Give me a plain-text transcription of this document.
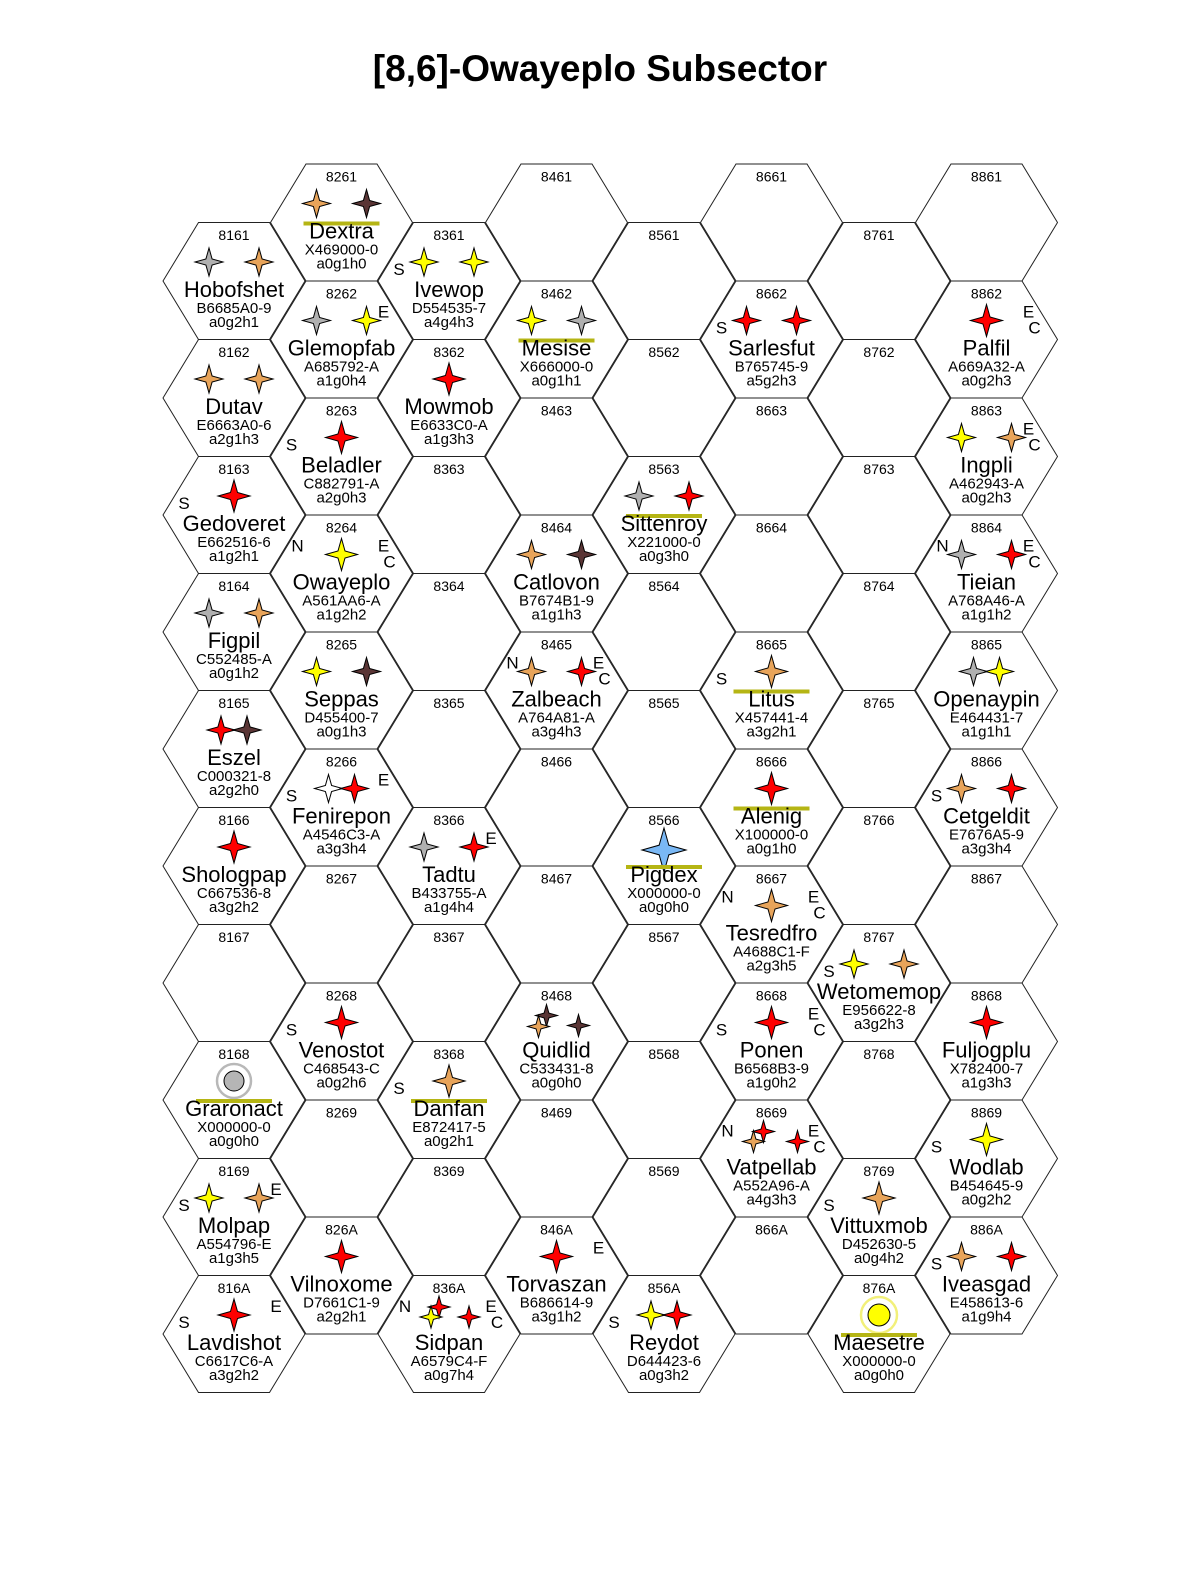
[8,6]-Owayeplo Subsector
8161
Hobofshet
B6685A0-9
a0g2h1
8162
Dutav
E6663A0-6
a2g1h3
8163
S
Gedoveret
E662516-6
a1g2h1
8164
Figpil
C552485-A
a0g1h2
8165
Eszel
C000321-8
a2g2h0
8166
Shologpap
C667536-8
a3g2h2
8167
8168
Graronact
X000000-0
a0g0h0
8169
S
E
Molpap
A554796-E
a1g3h5
816A
S
E
Lavdishot
C6617C6-A
a3g2h2
8261
Dextra
X469000-0
a0g1h0
8262
E
Glemopfab
A685792-A
a1g0h4
8263
S
Beladler
C882791-A
a2g0h3
8264
N	E
C
Owayeplo
A561AA6-A
a1g2h2
8265
Seppas
D455400-7
a0g1h3
8266
S
E
Fenirepon
A4546C3-A
a3g3h4
8267
8268
S
Venostot
C468543-C
a0g2h6
8269
826A
Vilnoxome
D7661C1-9
a2g2h1
8361
S
Ivewop
D554535-7
a4g4h3
8362
Mowmob
E6633C0-A
a1g3h3
8363
8364
8365
8366
E
Tadtu
B433755-A
a1g4h4
8367
8368
S
Danfan
E872417-5
a0g2h1
8369
836A
N	E
C
Sidpan
A6579C4-F
a0g7h4
8461
8462
Mesise
X666000-0
a0g1h1
8463
8464
Catlovon
B7674B1-9
a1g1h3
8465
N	E
C
Zalbeach
A764A81-A
a3g4h3
8466
8467
8468
Quidlid
C533431-8
a0g0h0
8469
846A
E
Torvaszan
B686614-9
a3g1h2
8561
8562
8563
Sittenroy
X221000-0
a0g3h0
8564
8565
8566
Pigdex
X000000-0
a0g0h0
8567
8568
8569
856A
S
Reydot
D644423-6
a0g3h2
8661
8662
S
Sarlesfut
B765745-9
a5g2h3
8663
8664
8665
S
Litus
X457441-4
a3g2h1
8666
Alenig
X100000-0
a0g1h0
8667
N	E
C
Tesredfro
A4688C1-F
a2g3h5
8668
S
E
C
Ponen
B6568B3-9
a1g0h2
8669
N	E
C
Vatpellab
A552A96-A
a4g3h3
866A
8761
8762
8763
8764
8765
8766
8767
S
Wetomemop
E956622-8
a3g2h3
8768
8769
S
Vittuxmob
D452630-5
a0g4h2
876A
Maesetre
X000000-0
a0g0h0
8861
8862
E
C
Palfil
A669A32-A
a0g2h3
8863
E
C
Ingpli
A462943-A
a0g2h3
8864
N	E
C
Tieian
A768A46-A
a1g1h2
8865
Openaypin
E464431-7
a1g1h1
8866
S
Cetgeldit
E7676A5-9
a3g3h4
8867
8868
Fuljogplu
X782400-7
a1g3h3
8869
S
Wodlab
B454645-9
a0g2h2
886A
S
Iveasgad
E458613-6
a1g9h4
